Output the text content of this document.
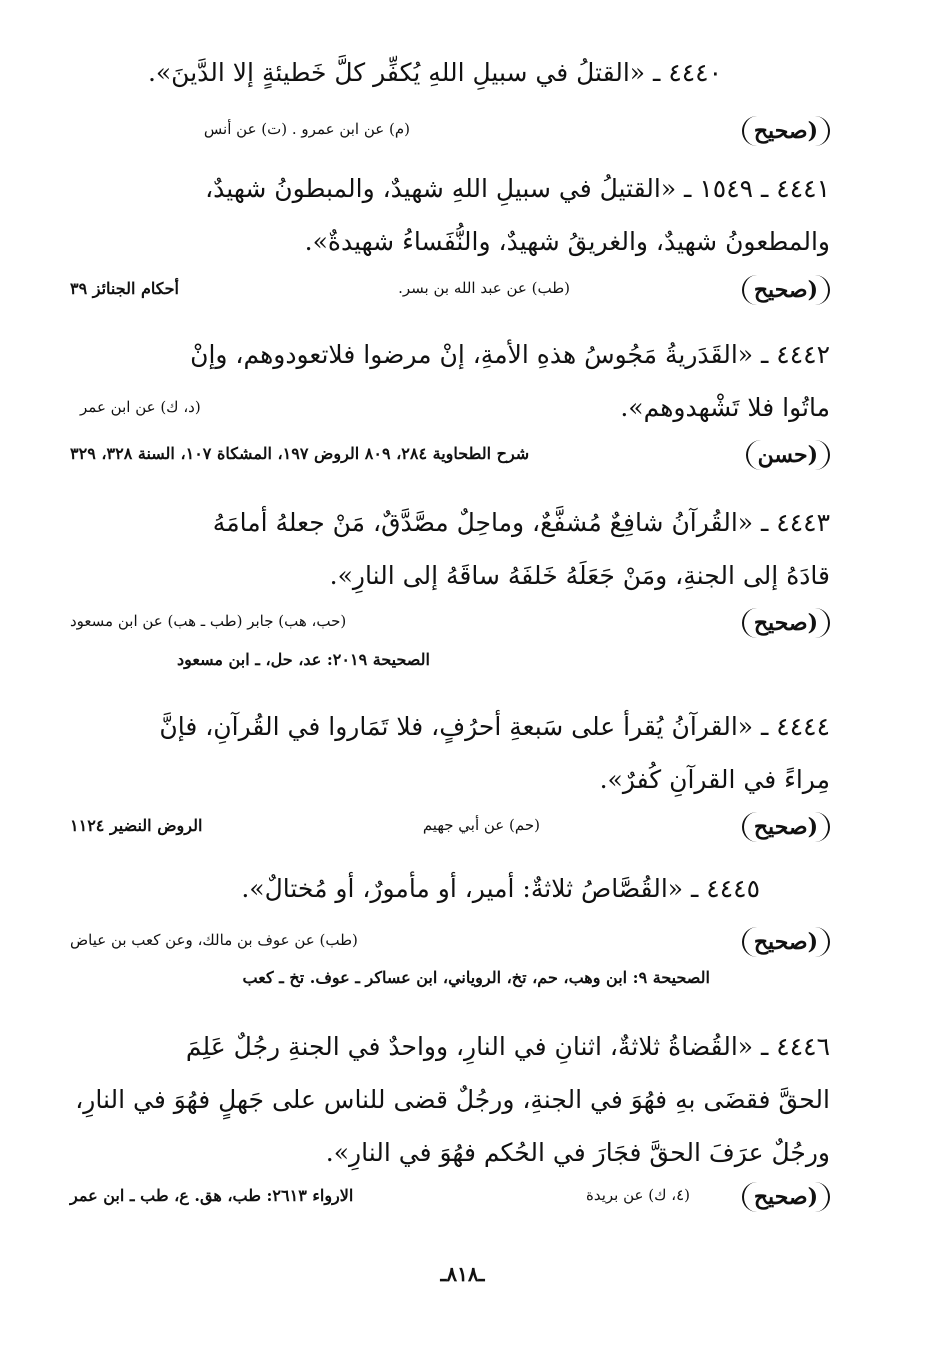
٤٤٤٠ ـ «القتلُ في سبيلِ اللهِ يُكفِّر كلَّ خَطيئةٍ إلا الدَّينَ».
(صحيح
(م) عن ابن عمرو . (ت) عن أنس
٤٤٤١ ـ ١٥٤٩ ـ «القتيلُ في سبيلِ اللهِ شهيدٌ، والمبطونُ شهيدٌ،
والمطعونُ شهيدٌ، والغريقُ شهيدٌ، والنُّفَساءُ شهيدةٌ».
(صحيح
(طب) عن عبد الله بن بسر.
أحكام الجنائز ٣٩
٤٤٤٢ ـ «القَدَريةُ مَجُوسُ هذهِ الأمةِ، إنْ مرضوا فلاتعودوهم، وإنْ
ماتُوا فلا تَشْهدوهم».
(د، ك) عن ابن عمر
(حسن
شرح الطحاوية ٢٨٤، ٨٠٩ الروض ١٩٧، المشكاة ١٠٧، السنة ٣٢٨، ٣٢٩
٤٤٤٣ ـ «القُرآنُ شافِعٌ مُشفَّعٌ، وماحِلٌ مصَّدَّقٌ، مَنْ جعلهُ أمامَهُ
قادَهُ إلى الجنةِ، ومَنْ جَعَلَهُ خَلفَهُ ساقَهُ إلى النارِ».
(صحيح
(حب، هب) جابر (طب ـ هب) عن ابن مسعود
الصحيحة ٢٠١٩: عد، حل، ـ ابن مسعود
٤٤٤٤ ـ «القرآنُ يُقرأ على سَبعةِ أحرُفٍ، فلا تَمَاروا في القُرآنِ، فإنَّ
مِراءً في القرآنِ كُفرٌ».
(صحيح
(حم) عن أبي جهيم
الروض النضير ١١٢٤
٤٤٤٥ ـ «القُصَّاصُ ثلاثةٌ: أمير، أو مأمورٌ، أو مُختالٌ».
(صحيح
(طب) عن عوف بن مالك، وعن كعب بن عياض
الصحيحة ٩: ابن وهب، حم، تخ، الروياني، ابن عساكر ـ عوف. تخ ـ كعب
٤٤٤٦ ـ «القُضاةُ ثلاثةٌ، اثنانِ في النارِ، وواحدٌ في الجنةِ رجُلٌ عَلِمَ
الحقَّ فقضَى بهِ فهُوَ في الجنةِ، ورجُلٌ قضى للناس على جَهلٍ فهُوَ في النارِ،
ورجُلٌ عرَفَ الحقَّ فجَارَ في الحُكم فهُوَ في النارِ».
(صحيح
(٤، ك) عن بريدة
الارواء ٢٦١٣: طب، هق. ع، طب ـ ابن عمر
ـ٨١٨ـ
